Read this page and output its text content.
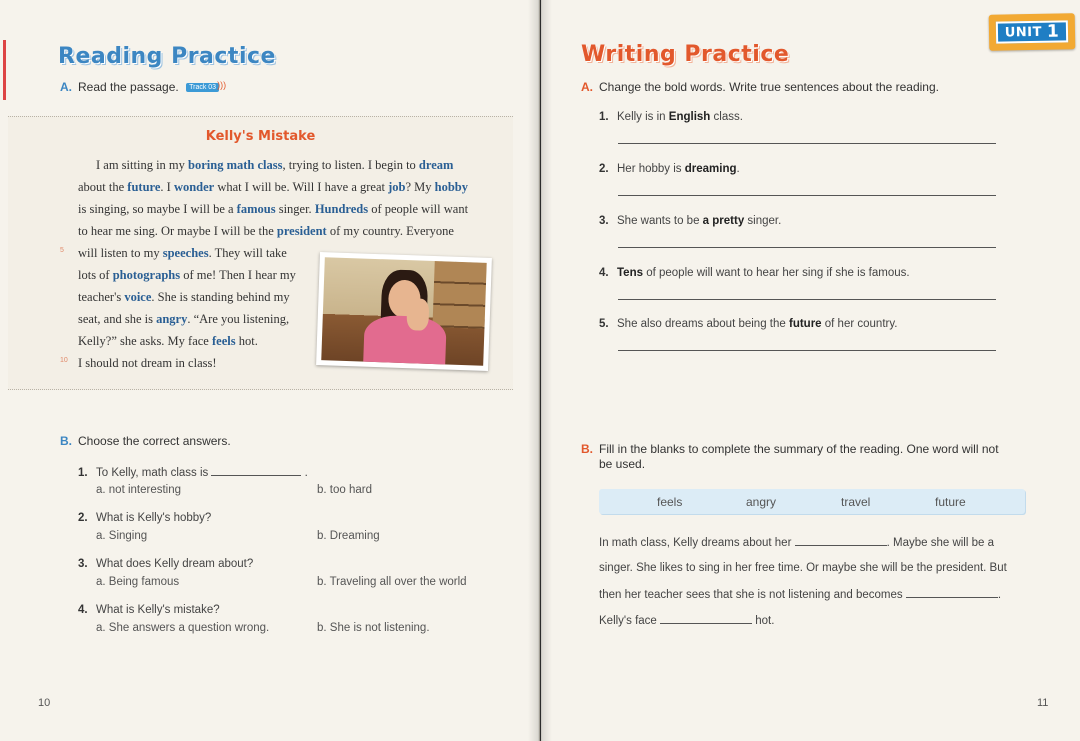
Reading Practice
A. Read the passage. Track 03)))
Kelly's Mistake
I am sitting in my boring math class, trying to listen. I begin to dream
about the future. I wonder what I will be. Will I have a great job? My hobby
is singing, so maybe I will be a famous singer. Hundreds of people will want
to hear me sing. Or maybe I will be the president of my country. Everyone
will listen to my speeches. They will take
lots of photographs of me! Then I hear my
teacher's voice. She is standing behind my
seat, and she is angry. “Are you listening,
Kelly?” she asks. My face feels hot.
I should not dream in class!
5
10
B. Choose the correct answers.
1. To Kelly, math class is	.
a. not interesting	b. too hard
2. What is Kelly's hobby?
a. Singing	b. Dreaming
3. What does Kelly dream about?
a. Being famous	b. Traveling all over the world
4. What is Kelly's mistake?
a. She answers a question wrong.	b. She is not listening.
10
Writing Practice
UNIT 1
A. Change the bold words. Write true sentences about the reading.
1. Kelly is in English class.
2. Her hobby is dreaming.
3. She wants to be a pretty singer.
4. Tens of people will want to hear her sing if she is famous.
5. She also dreams about being the future of her country.
B. Fill in the blanks to complete the summary of the reading. One word will not
be used.
feels	angry	travel	future
In math class, Kelly dreams about her	. Maybe she will be a
singer. She likes to sing in her free time. Or maybe she will be the president. But
then her teacher sees that she is not listening and becomes	.
Kelly's face	hot.
11
